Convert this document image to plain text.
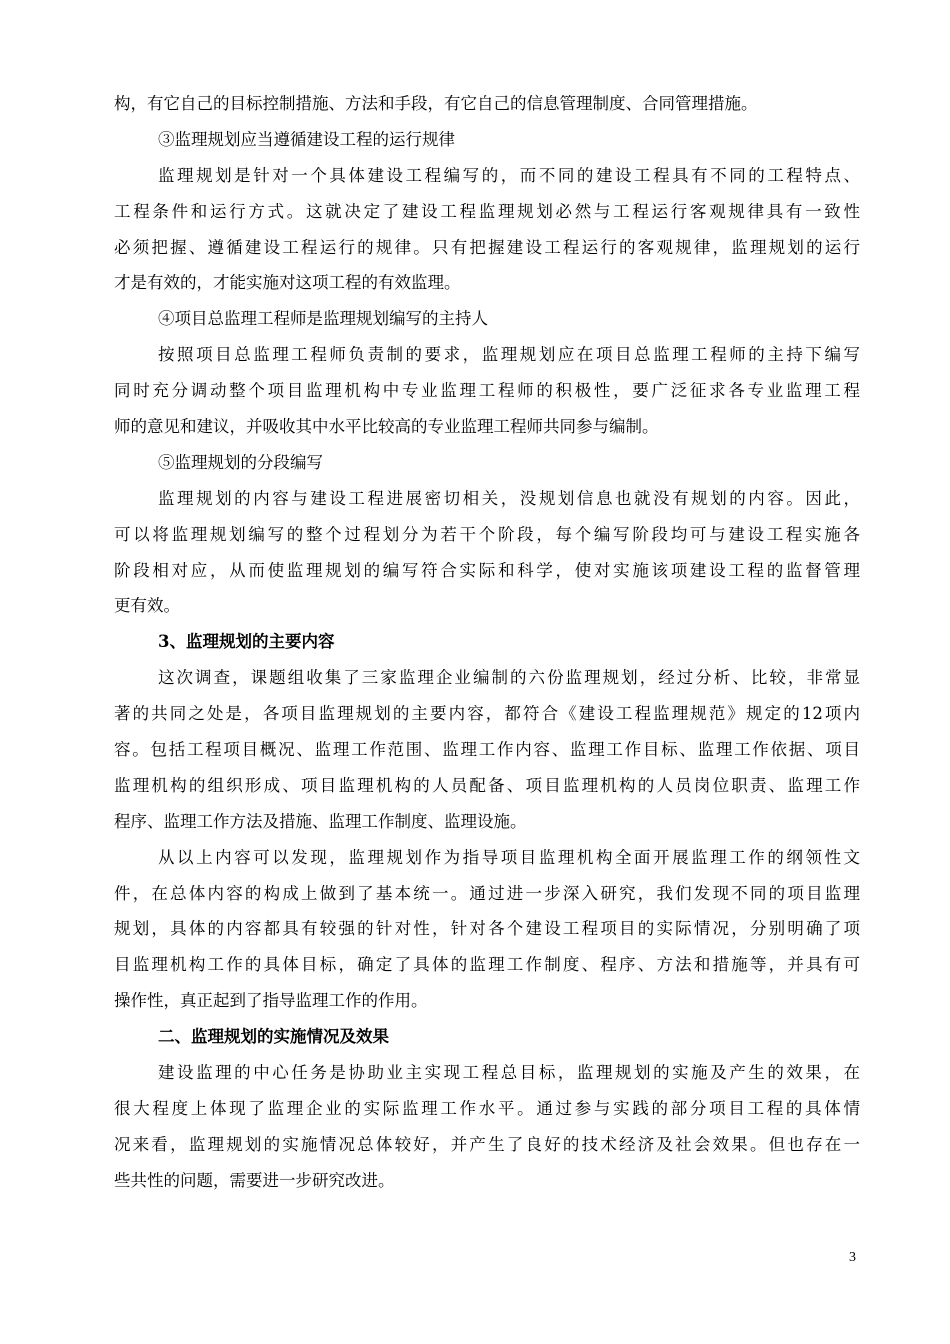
构，有它自己的目标控制措施、方法和手段，有它自己的信息管理制度、合同管理措施。
③监理规划应当遵循建设工程的运行规律
监理规划是针对一个具体建设工程编写的，而不同的建设工程具有不同的工程特点、
工程条件和运行方式。这就决定了建设工程监理规划必然与工程运行客观规律具有一致性
必须把握、遵循建设工程运行的规律。只有把握建设工程运行的客观规律，监理规划的运行
才是有效的，才能实施对这项工程的有效监理。
④项目总监理工程师是监理规划编写的主持人
按照项目总监理工程师负责制的要求，监理规划应在项目总监理工程师的主持下编写
同时充分调动整个项目监理机构中专业监理工程师的积极性，要广泛征求各专业监理工程
师的意见和建议，并吸收其中水平比较高的专业监理工程师共同参与编制。
⑤监理规划的分段编写
监理规划的内容与建设工程进展密切相关，没规划信息也就没有规划的内容。因此，
可以将监理规划编写的整个过程划分为若干个阶段，每个编写阶段均可与建设工程实施各
阶段相对应，从而使监理规划的编写符合实际和科学，使对实施该项建设工程的监督管理
更有效。
3、监理规划的主要内容
这次调查，课题组收集了三家监理企业编制的六份监理规划，经过分析、比较，非常显
著的共同之处是，各项目监理规划的主要内容，都符合《建设工程监理规范》规定的12项内
容。包括工程项目概况、监理工作范围、监理工作内容、监理工作目标、监理工作依据、项目
监理机构的组织形成、项目监理机构的人员配备、项目监理机构的人员岗位职责、监理工作
程序、监理工作方法及措施、监理工作制度、监理设施。
从以上内容可以发现，监理规划作为指导项目监理机构全面开展监理工作的纲领性文
件，在总体内容的构成上做到了基本统一。通过进一步深入研究，我们发现不同的项目监理
规划，具体的内容都具有较强的针对性，针对各个建设工程项目的实际情况，分别明确了项
目监理机构工作的具体目标，确定了具体的监理工作制度、程序、方法和措施等，并具有可
操作性，真正起到了指导监理工作的作用。
二、监理规划的实施情况及效果
建设监理的中心任务是协助业主实现工程总目标，监理规划的实施及产生的效果，在
很大程度上体现了监理企业的实际监理工作水平。通过参与实践的部分项目工程的具体情
况来看，监理规划的实施情况总体较好，并产生了良好的技术经济及社会效果。但也存在一
些共性的问题，需要进一步研究改进。
3
